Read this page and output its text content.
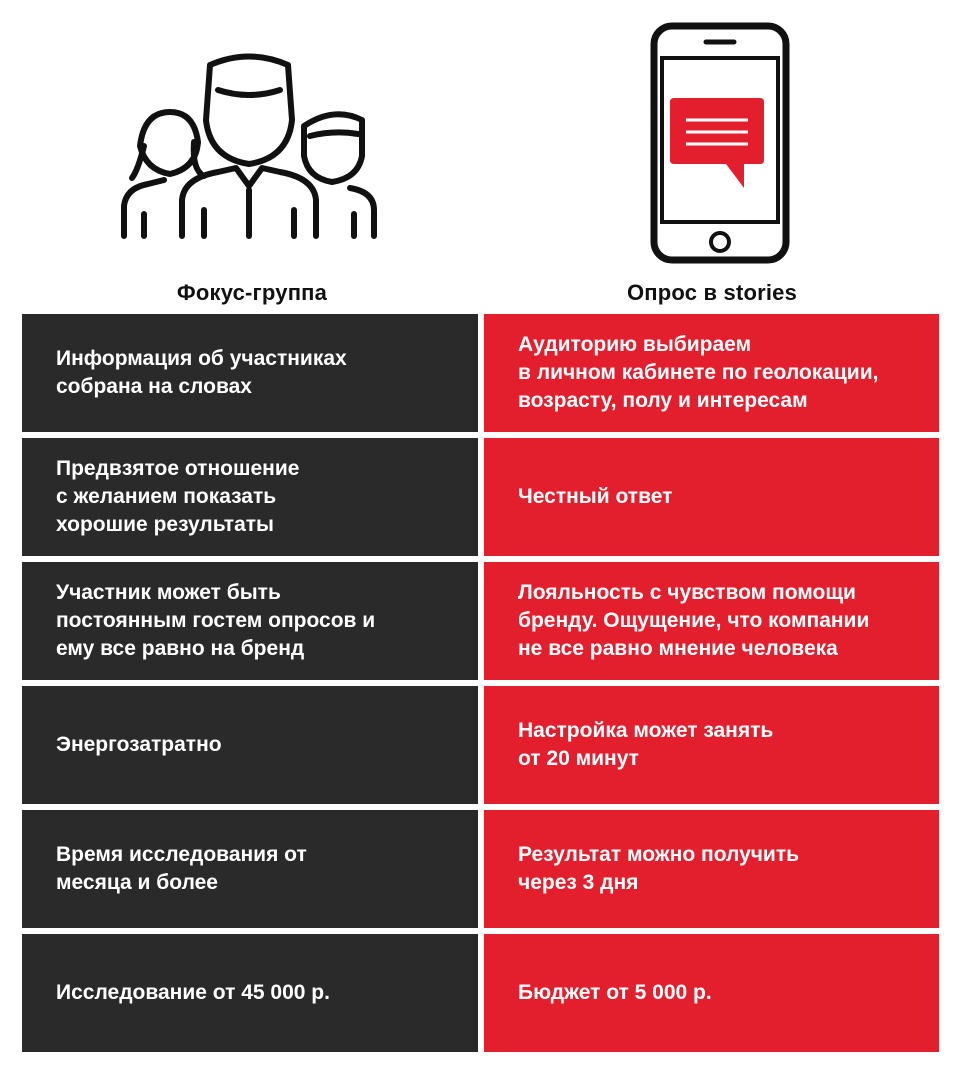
Фокус-группа	Опрос в stories
Информация об участниках
собрана на словах
Аудиторию выбираем
в личном кабинете по геолокации,
возрасту, полу и интересам
Предвзятое отношение
с желанием показать
хорошие результаты
Честный ответ
Участник может быть
постоянным гостем опросов и
ему все равно на бренд
Лояльность с чувством помощи
бренду. Ощущение, что компании
не все равно мнение человека
Энергозатратно
Настройка может занять
от 20 минут
Время исследования от
месяца и более
Результат можно получить
через 3 дня
Исследование от 45 000 р.	Бюджет от 5 000 р.
